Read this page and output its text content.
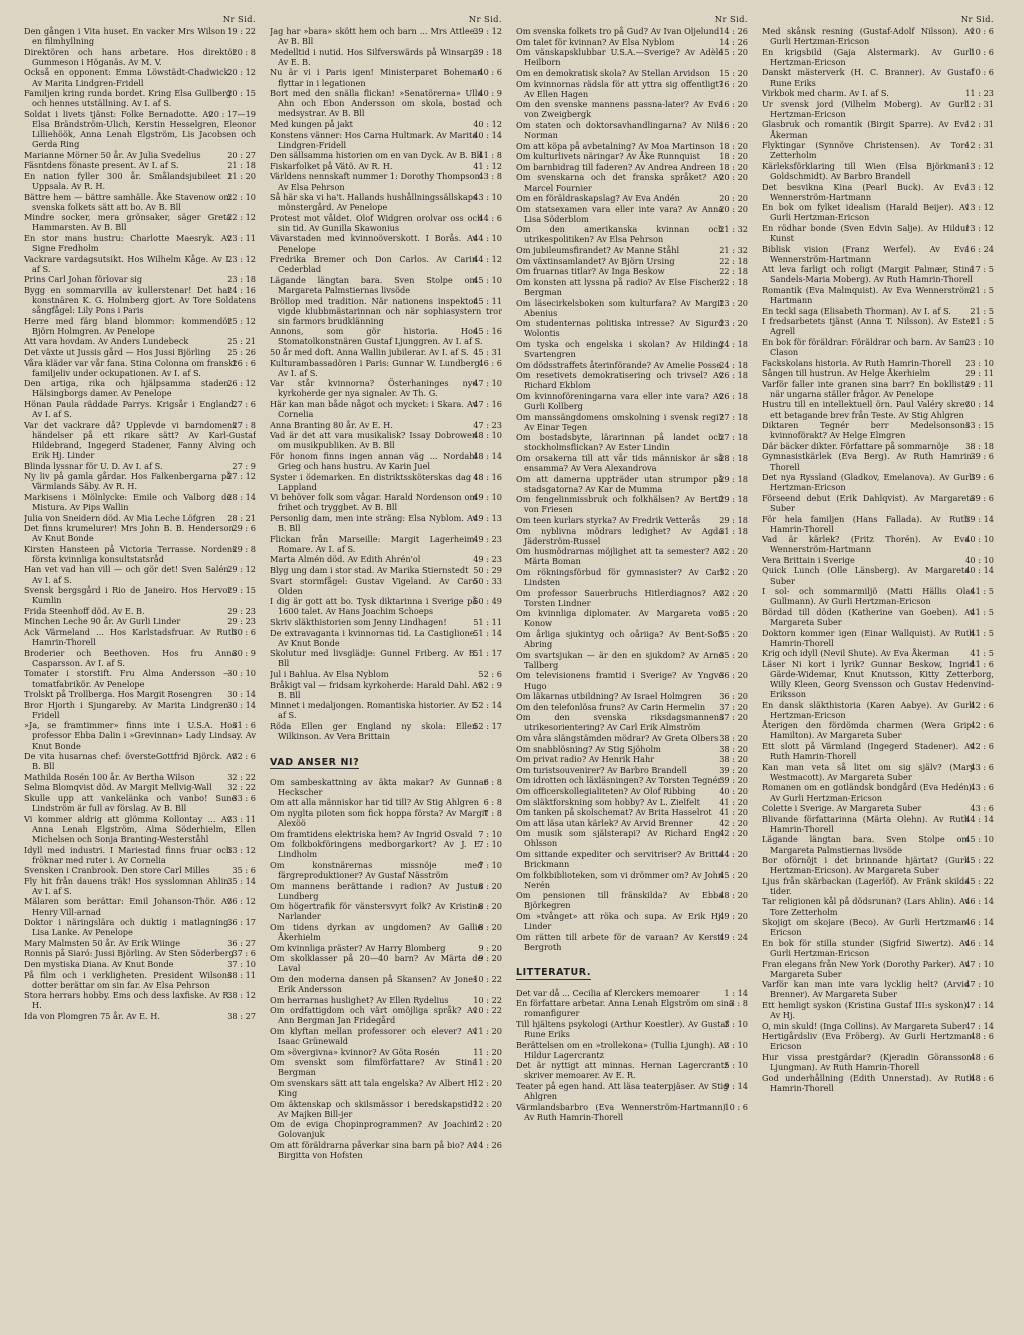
Nr Sid.
19 : 22
Den gången i Vita huset. En vacker Mrs Wilson i en filmhyllning
20 : 8
Direktören och hans arbetare. Hos direktör Gummeson i Höganäs. Av M. V.
20 : 12
Också en opponent: Emma Löwstädt-Chadwick. Av Marita Lindgren-Fridell
20 : 15
Familjen kring runda bordet. Kring Elsa Gullberg och hennes utställning. Av I. af S.
20 : 17—19
Soldat i livets tjänst: Folke Bernadotte. Av Elsa Brändström-Ulich, Kerstin Hesselgren, Eleonor Lilliehöök, Anna Lenah Elgström, Lis Jacobsen och Gerda Ring
20 : 27
Marianne Mörner 50 år. Av Julia Svedelius
21 : 18
Fäsntdens fönaste present. Av I. af S.
21 : 20
En nation fyller 300 år. Smålandsjubileet i Uppsala. Av R. H.
22 : 10
Bättre hem — bättre samhälle. Åke Stavenow om svenska folkets sätt att bo. Av B. Bll
22 : 12
Mindre socker, mera grönsaker, säger Greta Hammarsten. Av B. Bll
23 : 11
En stor mans hustru: Charlotte Maesryk. Av Signe Fredholm
23 : 12
Vackrare vardagsutsikt. Hos Wilhelm Kåge. Av I. af S.
23 : 18
Prins Carl Johan förlovar sig
24 : 16
Bygg en sommarvilla av kullerstenar! Det har konstnären K. G. Holmberg gjort. Av Tore Soldatens sångfågel: Lily Pons i Paris
25 : 12
Herre med färg bland blommor: kommendör Björn Holmgren. Av Penelope
25 : 21
Att vara hovdam. Av Anders Lundebeck
25 : 26
Det växte ut Jussis gård — Hos Jussi Björling
26 : 6
Våra kläder var vår fana. Stina Colonna om franskt familjeliv under ockupationen. Av I. af S.
26 : 12
Den artiga, rika och hjälpsamma staden. Hälsingborgs damer. Av Penelope
27 : 6
Hönan Paula räddade Parrys. Krigsår i England. Av I. af S.
27 : 8
Var det vackrare då? Upplevde vi barndomens händelser på ett rikare sätt? Av Karl-Gustaf Hildebrand, Ingegerd Stadener, Fanny Alving och Erik Hj. Linder
27 : 9
Blinda lyssnar för U. D. Av I. af S.
27 : 12
Ny liv på gamla gårdar. Hos Falkenbergarna på Värmlands Säby. Av R. H.
28 : 14
Markisens i Mölnlycke: Emile och Valborg de Mistura. Av Pips Wallin
28 : 21
Julia von Sneidern död. Av Mia Leche Löfgren
29 : 6
Det finns krumelurer! Mrs John B. B. Henderson. Av Knut Bonde
29 : 8
Kirsten Hansteen på Victoria Terrasse. Nordens första kvinnliga konsultstatsråd
29 : 12
Han vet vad han vill — och gör det! Sven Salén. Av I. af S.
29 : 15
Svensk bergsgård i Rio de Janeiro. Hos Hervor Kumlin
29 : 23
Frida Steenhoff död. Av E. B.
29 : 23
Minchen Leche 90 år. Av Gurli Linder
30 : 6
Ack Värmeland ... Hos Karlstadsfruar. Av Ruth Hamrin-Thorell
30 : 9
Broderier och Beethoven. Hos fru Anna Casparsson. Av I. af S.
30 : 10
Tomater i storstift. Fru Alma Andersson — tomatfabrikör. Av Penelope
30 : 14
Trolskt på Trollberga. Hos Margit Rosengren
30 : 14
Bror Hjorth i Sjungareby. Av Marita Lindgren-Fridell
31 : 6
»Ja, se framtimmer» finns inte i U.S.A. Hos professor Ebba Dalin i »Grevinnan» Lady Lindsay. Av Knut Bonde
32 : 6
De vita husarnas chef: översteGottfrid Björck. Av B. Bll
32 : 22
Mathilda Rosén 100 år. Av Bertha Wilson
32 : 22
Selma Blomqvist död. Av Margit Mellvig-Wall
33 : 6
Skulle upp att vankelänka och vanbo! Sune Lindström är full av förslag. Av B. Bll
33 : 11
Vi kommer aldrig att glömma Kollontay ... Av Anna Lenah Elgström, Alma Söderhielm, Ellen Michelsen och Sonja Branting-Westerståhl
33 : 12
Idyll med industri. I Mariestad finns fruar och fröknar med ruter i. Av Cornelia
35 : 6
Svensken i Cranbrook. Den store Carl Milles
35 : 14
Fly hit från dauens träk! Hos sysslomnan Ahlin. Av I. af S.
36 : 12
Mälaren som berättar: Emil Johanson-Thör. Av Henry Vill-arnad
36 : 17
Doktor i näringslära och duktig i matlagning: Lisa Lanke. Av Penelope
36 : 27
Mary Malmsten 50 år. Av Erik Wiinge
37 : 6
Ronnis på Siaró: Jussi Björling. Av Sten Söderberg
37 : 10
Den mystiska Diana. Av Knut Bonde
38 : 11
På film och i verkligheten. President Wilsons dotter berättar om sin far. Av Elsa Pehrson
38 : 12
Stora herrars hobby. Ems och dess laxfiske. Av R. H.
38 : 27
Ida von Plomgren 75 år. Av E. H.
Nr Sid.
39 : 12
Jag har »bara» skött hem och barn ... Mrs Attlee. Av B. Bll
39 : 18
Medelltid i nutid. Hos Silfverswärds på Winsarp. Av E. B.
40 : 6
Nu är vi i Paris igen! Ministerparet Boheman flyttar in i legationen
40 : 9
Bort med den snälla flickan! »Senatörerna» Ulla Ahn och Ebon Andersson om skola, bostad och medsystrar. Av B. Bll
40 : 12
Med kungen på jakt
40 : 14
Konstens vänner: Hos Carna Hultmark. Av Marita Lindgren-Fridell
41 : 8
Den sällsamma historien om en van Dyck. Av B. Bll
41 : 12
Fiskarfolket på Vätö. Av R. H.
43 : 8
Världens nennskaft nummer 1: Dorothy Thompson. Av Elsa Pehrson
43 : 10
Så här ska vi ha't. Hallands hushållningssällskaps mönstergård. Av Penelope
44 : 6
Protest mot våldet. Olof Widgren orolvar oss och sin tid. Av Gunilla Skawonius
44 : 10
Vävarstaden med kvinnoöverskott. I Borås. Av Penelope
44 : 12
Fredrika Bremer och Don Carlos. Av Carin Cederblad
45 : 10
Lägande längtan bara. Sven Stolpe om Margareta Palmstiernas livsöde
45 : 11
Bröllop med tradition. När nationens inspektor vigde klubbmästarinnan och när sophiasystern tror sin farmors brudklänning
45 : 16
Annons, som gör historia. Hos Stomatolkonstnären Gustaf Ljunggren. Av I. af S.
45 : 31
50 år med doft. Anna Wallin jubilerar. Av I. af S.
46 : 6
Kulturambassadören i Paris: Gunnar W. Lundberg. Av I. af S.
47 : 10
Var står kvinnorna? Österhaninges nye kyrkoherde ger nya signaler. Av Th. G.
47 : 16
Här kan man både något och mycket: i Skara. Av Cornelia
47 : 23
Anna Branting 80 år. Av E. H.
48 : 10
Vad är det att vara musikalisk? Issay Dobrowen om musikpubliken. Av B. Bll
48 : 14
För honom finns ingen annan väg ... Nordahl Grieg och hans hustru. Av Karin Juel
48 : 16
Syster i ödemarken. En distriktssköterskas dag i Lappland
49 : 10
Vi behöver folk som vågar. Harald Nordenson om frihet och tryggbet. Av B. Bll
49 : 13
Personlig dam, men inte sträng: Elsa Nyblom. Av B. Bll
49 : 23
Flickan från Marseille: Margit Lagerheim-Romare. Av I. af S.
49 : 23
Marta Almén död. Av Edith Ahrén'ol
50 : 29
Blyg ung dam i stor stad. Av Marika Stiernstedt
50 : 33
Svart stormfågel: Gustav Vigeland. Av Caro Olden
50 : 49
I dig är gott att bo. Tysk diktarinna i Sverige på 1600 talet. Av Hans Joachim Schoeps
51 : 11
Skriv släkthistorien som Jenny Lindhagen!
51 : 14
De extravaganta i kvinnornas tid. La Castiglione. Av Knut Bonde
51 : 17
Skolutur med livsglädje: Gunnel Friberg. Av B. Bll
52 : 6
Jul i Bahlua. Av Elsa Nyblom
52 : 9
Bråkigt val — fridsam kyrkoherde: Harald Dahl. Av B. Bll
52 : 14
Minnet i medaljongen. Romantiska historier. Av I. af S.
52 : 17
Röda Ellen ger England ny skola: Ellen Wilkinson. Av Vera Brittain
VAD ANSER NI?
6 : 8
Om sambeskattning av äkta makar? Av Gunnar Heckscher
6 : 8
Om att alla människor har tid till? Av Stig Ahlgren
7 : 8
Om nyglta piloten som fick hoppa första? Av Margit Alexöö
7 : 10
Om framtidens elektriska hem? Av Ingrid Osvald
7 : 10
Om folkbokföringens medborgarkort? Av J. E. Lindholm
7 : 10
Om konstnärernas missnöje med färgreproduktioner? Av Gustaf Näsström
8 : 20
Om mannens berättande i radion? Av Justus Lundberg
8 : 20
Om högertrafik för vänstersvyrt folk? Av Kristina Narlander
8 : 20
Om tidens dyrkan av ungdomen? Av Gallie Åkerhielm
9 : 20
Om kvinnliga präster? Av Harry Blomberg
9 : 20
Om skolklasser på 20—40 barn? Av Märta de Laval
10 : 22
Om den moderna dansen på Skansen? Av Jones Erik Andersson
10 : 22
Om herrarnas huslighet? Av Ellen Rydelius
10 : 22
Om ordfattigdom och värt omöjliga språk? Av Ann Bergman Jan Fridegård
11 : 20
Om klyftan mellan professorer och elever? Av Isaac Grünewald
11 : 20
Om »övergivna» kvinnor? Av Göta Rosén
11 : 20
Om svenskt som filmförfattare? Av Stina Bergman
12 : 20
Om svenskars sätt att tala engelska? Av Albert H. King
12 : 20
Om äktenskap och skilsmässor i beredskapstid? Av Majken Bill-jer
12 : 20
Om de eviga Chopinprogrammen? Av Joachim Golovanjuk
14 : 26
Om att föräldrarna påverkar sina barn på bio? Av Birgitta von Hofsten
Nr Sid.
14 : 26
Om svenska folkets tro på Gud? Av Ivan Oljelund
14 : 26
Om talet för kvinnan? Av Elsa Nyblom
15 : 20
Om vänskapsklubbar U.S.A.—Sverige? Av Adèle Heilborn
15 : 20
Om en demokratisk skola? Av Stellan Arvidson
16 : 20
Om kvinnornas rädsla för att yttra sig offentligt? Av Ellen Hagen
16 : 20
Om den svenske mannens passna-later? Av Eva von Zweigbergk
16 : 20
Om staten och doktorsavhandlingarna? Av Nils Norman
18 : 20
Om att köpa på avbetalning? Av Moa Martinson
18 : 20
Om kulturlivets näringar? Av Åke Runnquist
18 : 20
Om barnbidrag till faderen? Av Andrea Andreen
20 : 20
Om svenskarna och det franska språket? Av Marcel Fournier
20 : 20
Om en föräldraskapslag? Av Eva Andén
20 : 20
Om statsexamen vara eller inte vara? Av Anna Lisa Söderblom
21 : 32
Om den amerikanska kvinnan och utrikespolitiken? Av Elsa Pehrson
21 : 32
Om jubileumsfirandet? Av Manne Ståhl
22 : 18
Om växtinsamlandet? Av Björn Ursing
22 : 18
Om fruarnas titlar? Av Inga Beskow
22 : 18
Om konsten att lyssna på radio? Av Else Fischer-Bergman
23 : 20
Om läsecirkelsboken som kulturfara? Av Margit Abenius
23 : 20
Om studenternas politiska intresse? Av Sigurd Wolontis
24 : 18
Om tyska och engelska i skolan? Av Hilding Svartengren
24 : 18
Om dödsstraffets återinförande? Av Amelie Posse
26 : 18
Om resetivets demokratisering och trivsel? Av Richard Ekblom
26 : 18
Om kvinnoföreningarna vara eller inte vara? Av Gurli Kollberg
27 : 18
Om manssängdomens omskolning i svensk regi? Av Einar Tegen
27 : 18
Om bostadsbyte, lärarinnan på landet och stockholmsflickan? Av Ester Lindin
28 : 18
Om orsakerna till att vår tids människor är så ensamma? Av Vera Alexandrova
29 : 18
Om att damerna uppträder utan strumpor på stadsgatorna? Av Kar de Mumma
29 : 18
Om fengelinmissbruk och folkhälsen? Av Bertil von Friesen
29 : 18
Om teen kurlars styrka? Av Fredrik Vetterås
31 : 18
Om nyblivna mödrars ledighet? Av Agda Jäderström-Russel
32 : 20
Om husmödrarnas möjlighet att ta semester? Av Märta Boman
32 : 20
Om rökningsförbud för gymnasister? Av Carl Lindsten
32 : 20
Om professor Sauerbruchs Hitlerdiagnos? Av Torsten Lindner
35 : 20
Om kvinnliga diplomater. Av Margareta von Konow
35 : 20
Om årliga sjukintyg och oåriiga? Av Bent-Sofi Abring
35 : 20
Om svartsjukan — är den en sjukdom? Av Arne Tallberg
36 : 20
Om televisionens framtid i Sverige? Av Yngve Hugo
36 : 20
Om läkarnas utbildning? Av Israel Holmgren
37 : 20
Om den telefonlösa fruns? Av Carin Hermelin
37 : 20
Om den svenska riksdagsmannens utrikesorientering? Av Carl Erik Almström
38 : 20
Om våra slängstämden mödrar? Av Greta Olbers
38 : 20
Om snabblösning? Av Stig Sjöholm
38 : 20
Om privat radio? Av Henrik Hahr
39 : 20
Om turistsouvenirer? Av Barbro Brandell
39 : 20
Om idrotten och läxläsningen? Av Torsten Tegnér
40 : 20
Om officerskollegialiteten? Av Olof Ribbing
41 : 20
Om släktforskning som hobby? Av L. Zielfelt
41 : 20
Om tanken på skolschemat? Av Brita Hasselrot
42 : 20
Om att läsa utan kärlek? Av Arvid Brenner
42 : 20
Om musik som själsterapi? Av Richard Eng-Ohlsson
44 : 20
Om sittande expediter och servitriser? Av Britta Brickmann
45 : 20
Om folkbiblioteken, som vi drömmer om? Av John Nerén
48 : 20
Om pensionen till fränskilda? Av Ebba Björkegren
49 : 20
Om »tvånget» att röka och supa. Av Erik Hj. Linder
49 : 24
Om rätten till arbete för de varaan? Av Kersti Bergroth
LITTERATUR.
1 : 14
Det var då ... Cecilia af Klerckers memoarer
3 : 8
En författare arbetar. Anna Lenah Elgström om sina romanfigurer
3 : 10
Till hjältens psykologi (Arthur Koestler). Av Gustaf Rune Eriks
3 : 10
Berättelsen om en »trollekona» (Tullia Ljungh). Av Hildur Lagercrantz
5 : 10
Det är nyttigt att minnas. Hernan Lagercrantz skriver memoarer. Av E. R.
9 : 14
Teater på egen hand. Att läsa teaterpjäser. Av Stig Ahlgren
10 : 6
Värmlandsbarbro (Eva Wennerström-Hartmann). Av Ruth Hamrin-Thorell
Nr Sid.
10 : 6
Med skånsk resning (Gustaf-Adolf Nilsson). Av Gurli Hertzman-Ericson
10 : 6
En krigsbild (Gaja Alstermark). Av Gurli Hertzman-Ericson
10 : 6
Danskt mästerverk (H. C. Branner). Av Gustaf Rune Eriks
11 : 23
Virkbok med charm. Av I. af S.
12 : 31
Ur svensk jord (Vilhelm Moberg). Av Gurli Hertzman-Ericson
12 : 31
Glasbruk och romantik (Birgit Sparre). Av Eva Åkerman
12 : 31
Flyktingar (Synnöve Christensen). Av Tore Zetterholm
13 : 12
Kärleksförklaring till Wien (Elsa Björkman-Goldschmidt). Av Barbro Brandell
13 : 12
Det besvikna Kina (Pearl Buck). Av Eva Wennerström-Hartmann
13 : 12
En bok om fylket idealism (Harald Beijer). Av Gurli Hertzman-Ericson
13 : 12
En rödhar bonde (Sven Edvin Salje). Av Hildur Kunst
16 : 24
Biblisk vision (Franz Werfel). Av Eva Wennerström-Hartmann
17 : 5
Att leva farligt och roligt (Margit Palmær, Stina Sandels-Maria Moberg). Av Ruth Hamrin-Thorell
21 : 5
Romantik (Eva Malmquist). Av Eva Wennerström-Hartmann
21 : 5
En teckl saga (Elisabeth Thorman). Av I. af S.
21 : 5
I fredsarbetets tjänst (Anna T. Nilsson). Av Ester Agrell
23 : 10
En bok för föräldrar: Föräldrar och barn. Av Sam. Clason
23 : 10
Fackskolans historia. Av Ruth Hamrin-Thorell
29 : 11
Sången till hustrun. Av Helge Åkerhielm
29 : 11
Varför faller inte granen sina barr? En bokllista när ungarna ställer frågor. Av Penelope
30 : 14
Hustru till en intellektuell örn. Paul Valéry skrev ett betagande brev från Teste. Av Stig Ahlgren
33 : 15
Diktaren Tegnér berr Medelsonsons kvinnoförakt? Av Helge Elmgren
38 : 18
Där bäcker dikter. Författare på sommarnöje
39 : 6
Gymnasistkärlek (Eva Berg). Av Ruth Hamrin-Thorell
39 : 6
Det nya Ryssland (Gladkov, Emelanova). Av Gurli Hertzman-Ericson
39 : 6
Förseend debut (Erik Dahlqvist). Av Margareta Suber
39 : 14
För hela familjen (Hans Fallada). Av Ruth Hamrin-Thorell
40 : 10
Vad är kärlek? (Fritz Thorén). Av Eva Wennerström-Hartmann
40 : 10
Vera Brittain i Sverige
40 : 14
Quick Lunch (Olle Länsberg). Av Margareta Suber
41 : 5
I sol- och sommarmiljö (Matti Hällis Olas Gullmann). Av Gurli Hertzman-Ericson
41 : 5
Bördad till döden (Katherine van Goeben). Av Margareta Suber
41 : 5
Doktorn kommer igen (Einar Wallquist). Av Ruth Hamrin-Thorell
41 : 5
Krig och idyll (Nevil Shute). Av Eva Åkerman
41 : 6
Läser Ni kort i lyrik? Gunnar Beskow, Ingrid Gärde-Widemar, Knut Knutsson, Kitty Zetterborg, Willy Kleen, Georg Svensson och Gustav Hedenvind-Eriksson
42 : 6
En dansk släkthistoria (Karen Aabye). Av Gurli Hertzman-Ericson
42 : 6
Återigen den fördömda charmen (Wera Grip-Hamilton). Av Margareta Suber
42 : 6
Ett slott på Värmland (Ingegerd Stadener). Av Ruth Hamrin-Thorell
43 : 6
Kan man veta så litet om sig själv? (Mary Westmacott). Av Margareta Suber
43 : 6
Romanen om en gotländsk bondgård (Eva Hedén). Av Gurli Hertzman-Ericson
43 : 6
Colette i Sverige. Av Margareta Suber
44 : 14
Blivande författarinna (Märta Olehn). Av Ruth Hamrin-Thorell
45 : 10
Lägande längtan bara. Sven Stolpe om Margareta Palmstiernas livsöde
45 : 22
Bor oförnöjt i det brinnande hjärtat? (Gurli Hertzman-Ericson). Av Margareta Suber
45 : 22
Ljus från skärbackan (Lagerlöf). Av Fränk skilda tider.
46 : 14
Tar religionen kål på dödsrunan? (Lars Ahlin). Av Tore Zetterholm
46 : 14
Skojigt om skojare (Beco). Av Gurli Hertzman-Ericson
46 : 14
En bok för stilla stunder (Sigfrid Siwertz). Av Gurli Hertzman-Ericson
47 : 10
Fran elegans från New York (Dorothy Parker). Av Margareta Suber
47 : 10
Varför kan man inte vara lycklig helt? (Arvid Brenner). Av Margareta Suber
47 : 14
Ett hemligt syskon (Kristina Gustaf III:s syskon). Av Hj.
47 : 14
O, min skuld! (Inga Collins). Av Margareta Suber
48 : 6
Hertigårdsliv (Eva Fröberg). Av Gurli Hertzman-Ericson
48 : 6
Hur vissa prestgärdar? (Kjeradin Göransson-Ljungman). Av Ruth Hamrin-Thorell
48 : 6
God underhållning (Edith Unnerstad). Av Ruth Hamrin-Thorell
